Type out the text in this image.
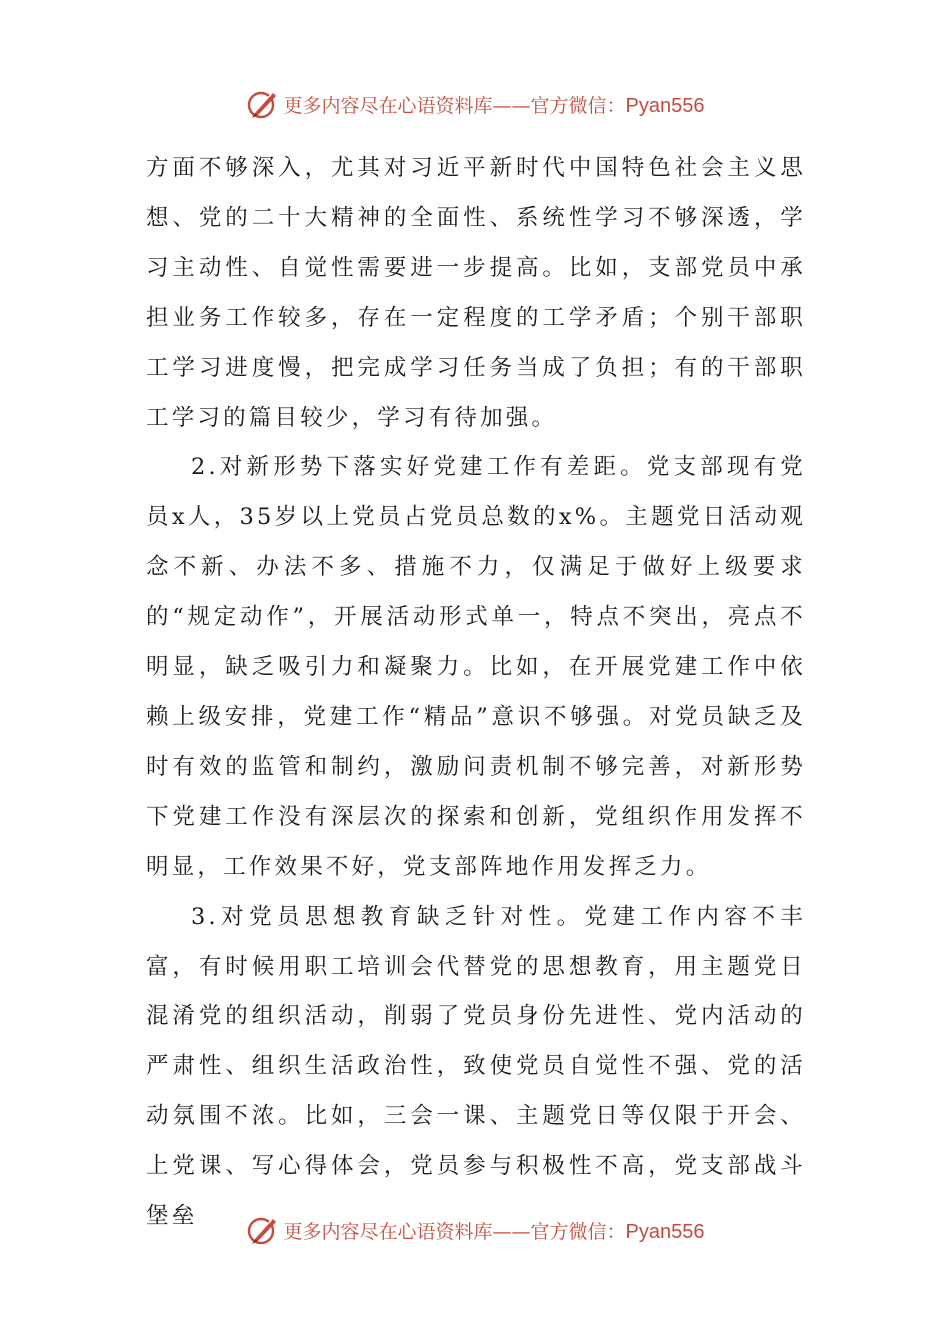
更多内容尽在心语资料库——官方微信：Pyan556

方面不够深入，尤其对习近平新时代中国特色社会主义思想、党的二十大精神的全面性、系统性学习不够深透，学习主动性、自觉性需要进一步提高。比如，支部党员中承担业务工作较多，存在一定程度的工学矛盾；个别干部职工学习进度慢，把完成学习任务当成了负担；有的干部职工学习的篇目较少，学习有待加强。

2.对新形势下落实好党建工作有差距。党支部现有党员x人，35岁以上党员占党员总数的x%。主题党日活动观念不新、办法不多、措施不力，仅满足于做好上级要求的“规定动作”，开展活动形式单一，特点不突出，亮点不明显，缺乏吸引力和凝聚力。比如，在开展党建工作中依赖上级安排，党建工作“精品”意识不够强。对党员缺乏及时有效的监管和制约，激励问责机制不够完善，对新形势下党建工作没有深层次的探索和创新，党组织作用发挥不明显，工作效果不好，党支部阵地作用发挥乏力。

3.对党员思想教育缺乏针对性。党建工作内容不丰富，有时候用职工培训会代替党的思想教育，用主题党日混淆党的组织活动，削弱了党员身份先进性、党内活动的严肃性、组织生活政治性，致使党员自觉性不强、党的活动氛围不浓。比如，三会一课、主题党日等仅限于开会、上党课、写心得体会，党员参与积极性不高，党支部战斗堡垒

更多内容尽在心语资料库——官方微信：Pyan556
